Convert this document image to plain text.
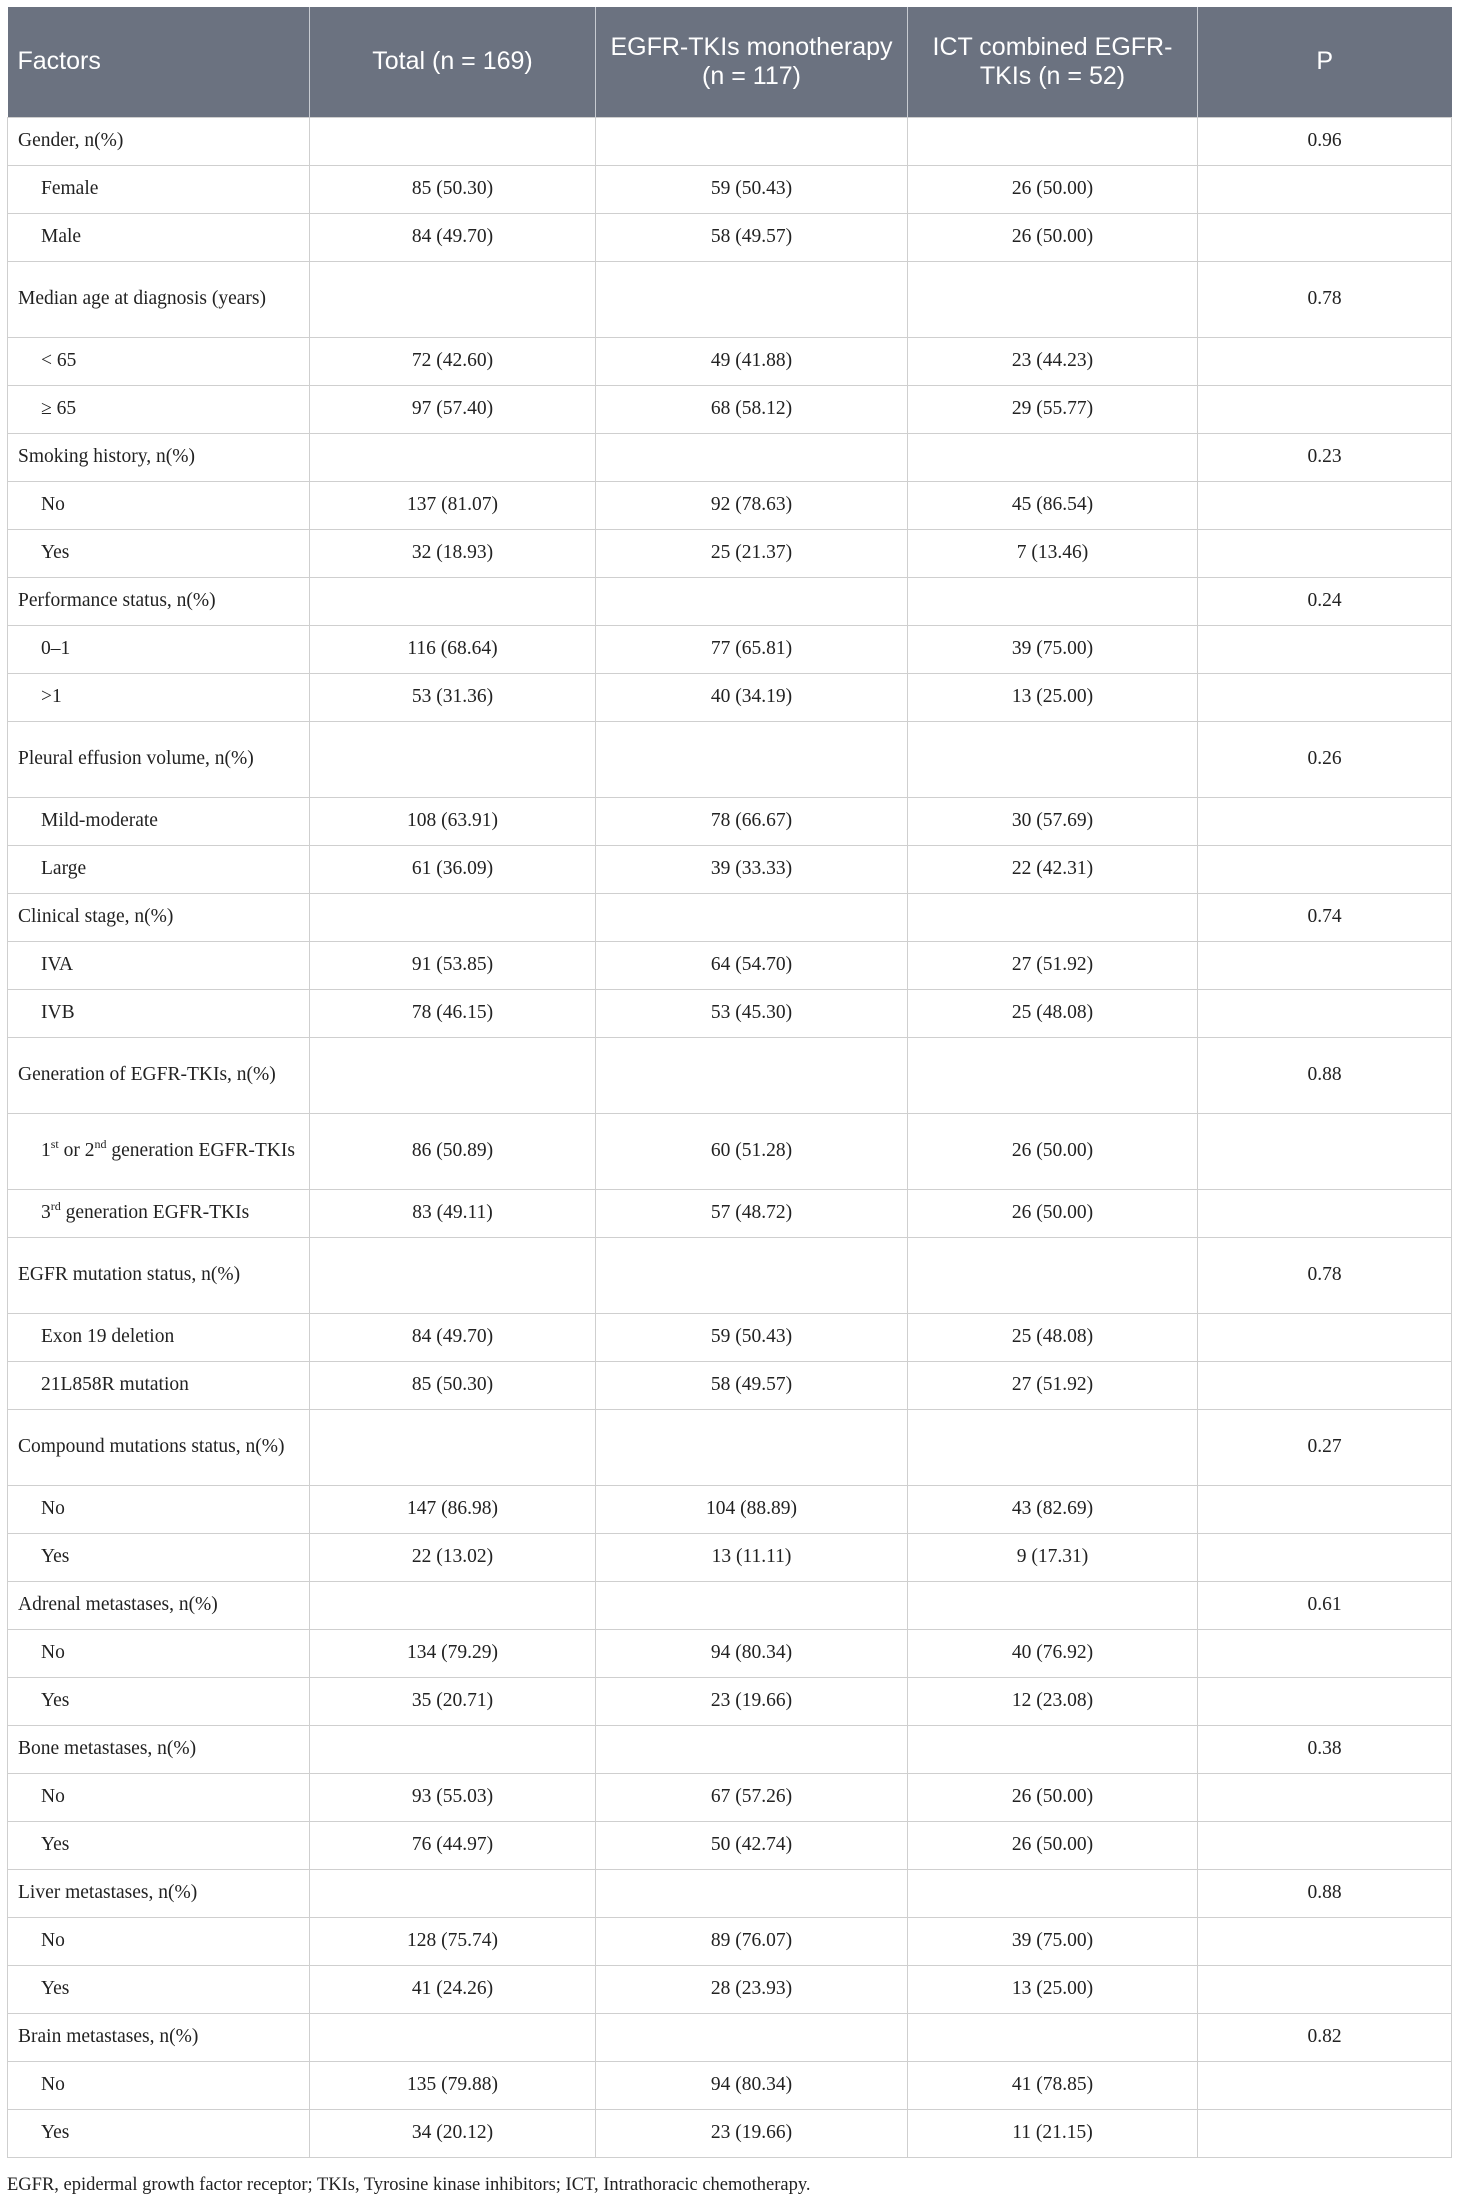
Factors	Total (n = 169)	EGFR-TKIs monotherapy (n = 117)	ICT combined EGFR-TKIs (n = 52)	P
Gender, n(%)				0.96
Female	85 (50.30)	59 (50.43)	26 (50.00)	
Male	84 (49.70)	58 (49.57)	26 (50.00)	
Median age at diagnosis (years)				0.78
< 65	72 (42.60)	49 (41.88)	23 (44.23)	
≥ 65	97 (57.40)	68 (58.12)	29 (55.77)	
Smoking history, n(%)				0.23
No	137 (81.07)	92 (78.63)	45 (86.54)	
Yes	32 (18.93)	25 (21.37)	7 (13.46)	
Performance status, n(%)				0.24
0–1	116 (68.64)	77 (65.81)	39 (75.00)	
>1	53 (31.36)	40 (34.19)	13 (25.00)	
Pleural effusion volume, n(%)				0.26
Mild-moderate	108 (63.91)	78 (66.67)	30 (57.69)	
Large	61 (36.09)	39 (33.33)	22 (42.31)	
Clinical stage, n(%)				0.74
IVA	91 (53.85)	64 (54.70)	27 (51.92)	
IVB	78 (46.15)	53 (45.30)	25 (48.08)	
Generation of EGFR-TKIs, n(%)				0.88
1st or 2nd generation EGFR-TKIs	86 (50.89)	60 (51.28)	26 (50.00)	
3rd generation EGFR-TKIs	83 (49.11)	57 (48.72)	26 (50.00)	
EGFR mutation status, n(%)				0.78
Exon 19 deletion	84 (49.70)	59 (50.43)	25 (48.08)	
21L858R mutation	85 (50.30)	58 (49.57)	27 (51.92)	
Compound mutations status, n(%)				0.27
No	147 (86.98)	104 (88.89)	43 (82.69)	
Yes	22 (13.02)	13 (11.11)	9 (17.31)	
Adrenal metastases, n(%)				0.61
No	134 (79.29)	94 (80.34)	40 (76.92)	
Yes	35 (20.71)	23 (19.66)	12 (23.08)	
Bone metastases, n(%)				0.38
No	93 (55.03)	67 (57.26)	26 (50.00)	
Yes	76 (44.97)	50 (42.74)	26 (50.00)	
Liver metastases, n(%)				0.88
No	128 (75.74)	89 (76.07)	39 (75.00)	
Yes	41 (24.26)	28 (23.93)	13 (25.00)	
Brain metastases, n(%)				0.82
No	135 (79.88)	94 (80.34)	41 (78.85)	
Yes	34 (20.12)	23 (19.66)	11 (21.15)	
EGFR, epidermal growth factor receptor; TKIs, Tyrosine kinase inhibitors; ICT, Intrathoracic chemotherapy.
